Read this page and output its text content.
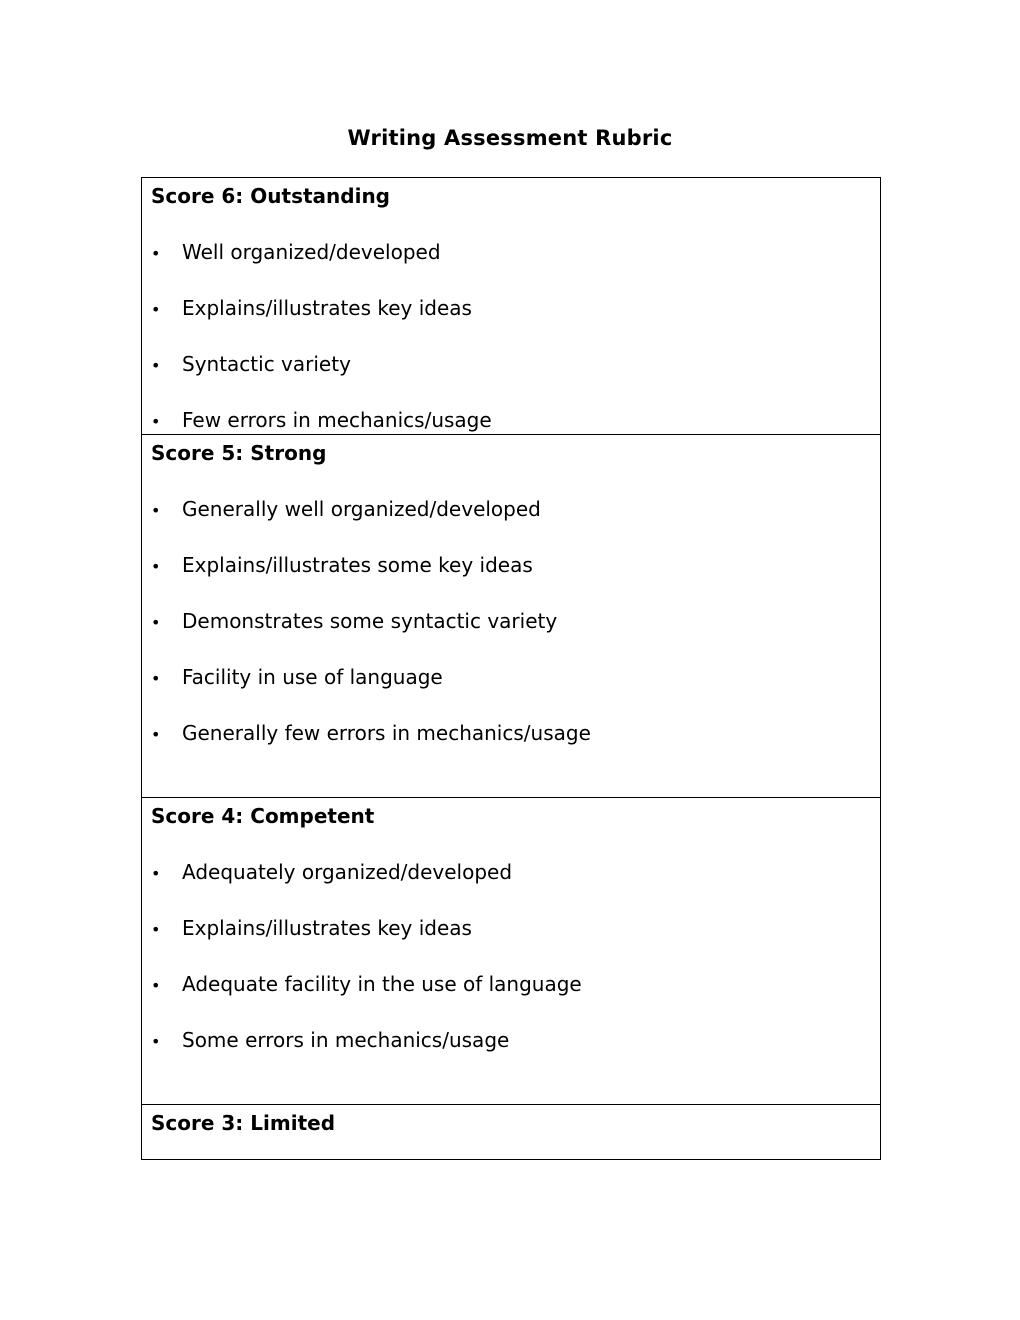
Writing Assessment Rubric
Score 6: Outstanding
• Well organized/developed
• Explains/illustrates key ideas
• Syntactic variety
• Few errors in mechanics/usage
Score 5: Strong
• Generally well organized/developed
• Explains/illustrates some key ideas
• Demonstrates some syntactic variety
• Facility in use of language
• Generally few errors in mechanics/usage
Score 4: Competent
• Adequately organized/developed
• Explains/illustrates key ideas
• Adequate facility in the use of language
• Some errors in mechanics/usage
Score 3: Limited
